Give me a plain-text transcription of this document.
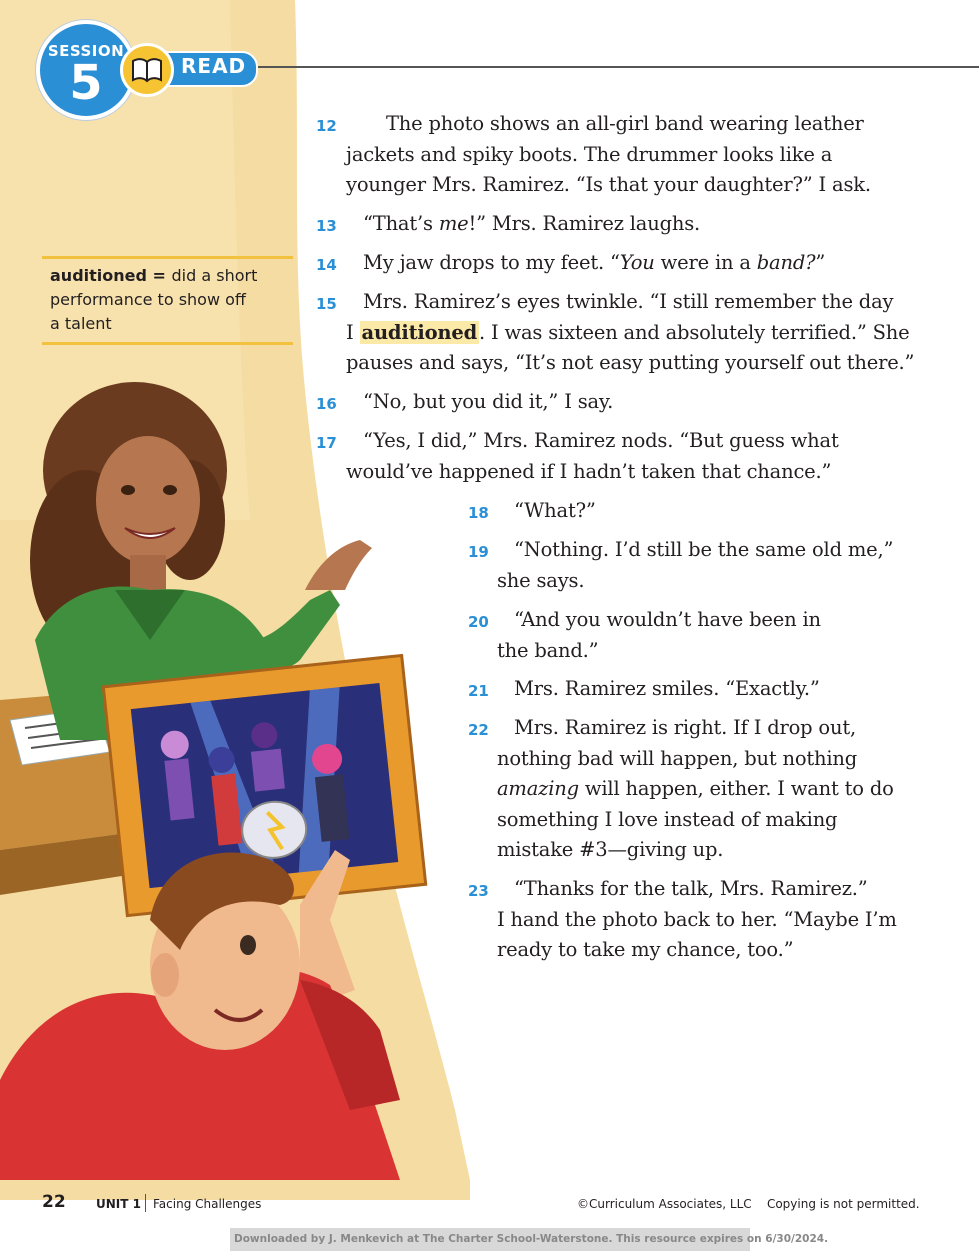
SESSION
5	READ
auditioned = did a short
performance to show off
a talent
12	The photo shows an all-girl band wearing leather
jackets and spiky boots. The drummer looks like a
younger Mrs. Ramirez. “Is that your daughter?” I ask.
13 “That’s me!” Mrs. Ramirez laughs.
14 My jaw drops to my feet. “You were in a band?”
15	Mrs. Ramirez’s eyes twinkle. “I still remember the day
I auditioned . I was sixteen and absolutely terrified.” She
pauses and says, “It’s not easy putting yourself out there.”
16 “No, but you did it,” I say.
17	“Yes, I did,” Mrs. Ramirez nods. “But guess what
would’ve happened if I hadn’t taken that chance.”
18 “What?”
19	“Nothing. I’d still be the same old me,”
she says.
20	“And you wouldn’t have been in
the band.”
21 Mrs. Ramirez smiles. “Exactly.”
22	Mrs. Ramirez is right. If I drop out,
nothing bad will happen, but nothing
amazing will happen, either. I want to do
something I love instead of making
mistake #3—giving up.
23	“Thanks for the talk, Mrs. Ramirez.”
I hand the photo back to her. “Maybe I’m
ready to take my chance, too.”
22	UNIT 1 Facing Challenges	©Curriculum Associates, LLC    Copying is not permitted.
Downloaded by J. Menkevich at The Charter School-Waterstone. This resource expires on 6/30/2024.
